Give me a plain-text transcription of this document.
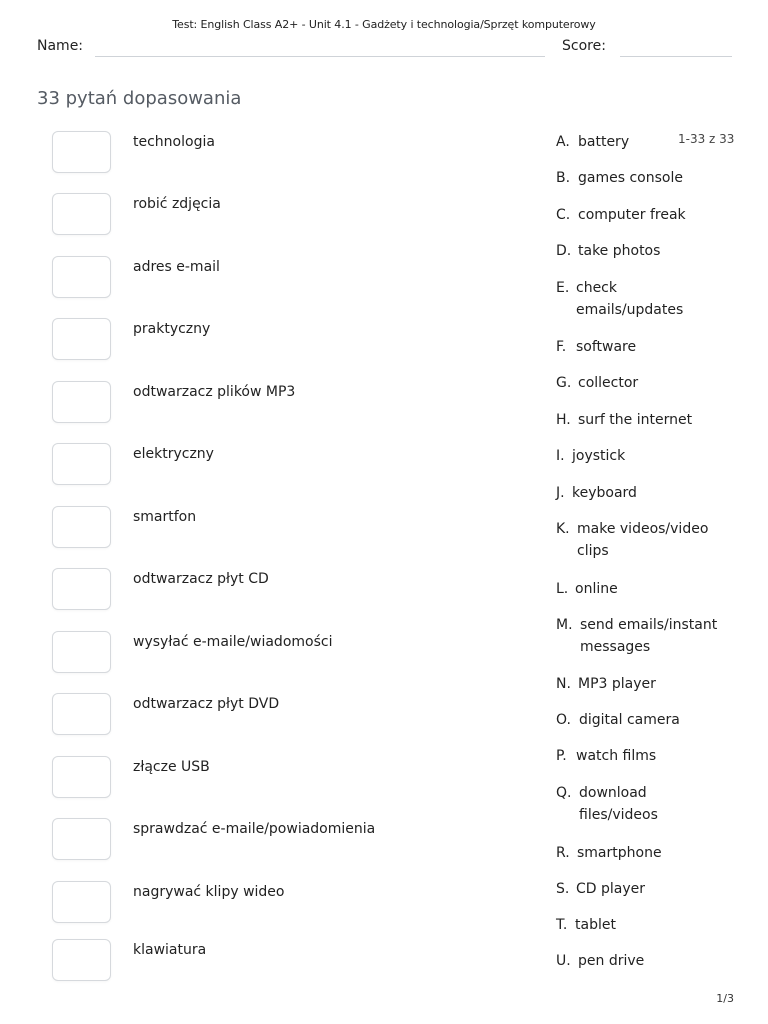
Test: English Class A2+ - Unit 4.1 - Gadżety i technologia/Sprzęt komputerowy
Name:	Score:
33 pytań dopasowania
1-33 z 33
technologia
robić zdjęcia
adres e-mail
praktyczny
odtwarzacz plików MP3
elektryczny
smartfon
odtwarzacz płyt CD
wysyłać e-maile/wiadomości
odtwarzacz płyt DVD
złącze USB
sprawdzać e-maile/powiadomienia
nagrywać klipy wideo
klawiatura
A. battery
B. games console
C. computer freak
D. take photos
E. check emails/updates
F. software
G. collector
H. surf the internet
I. joystick
J. keyboard
K. make videos/video clips
L. online
M. send emails/instant messages
N. MP3 player
O. digital camera
P. watch films
Q. download files/videos
R. smartphone
S. CD player
T. tablet
U. pen drive
1/3
